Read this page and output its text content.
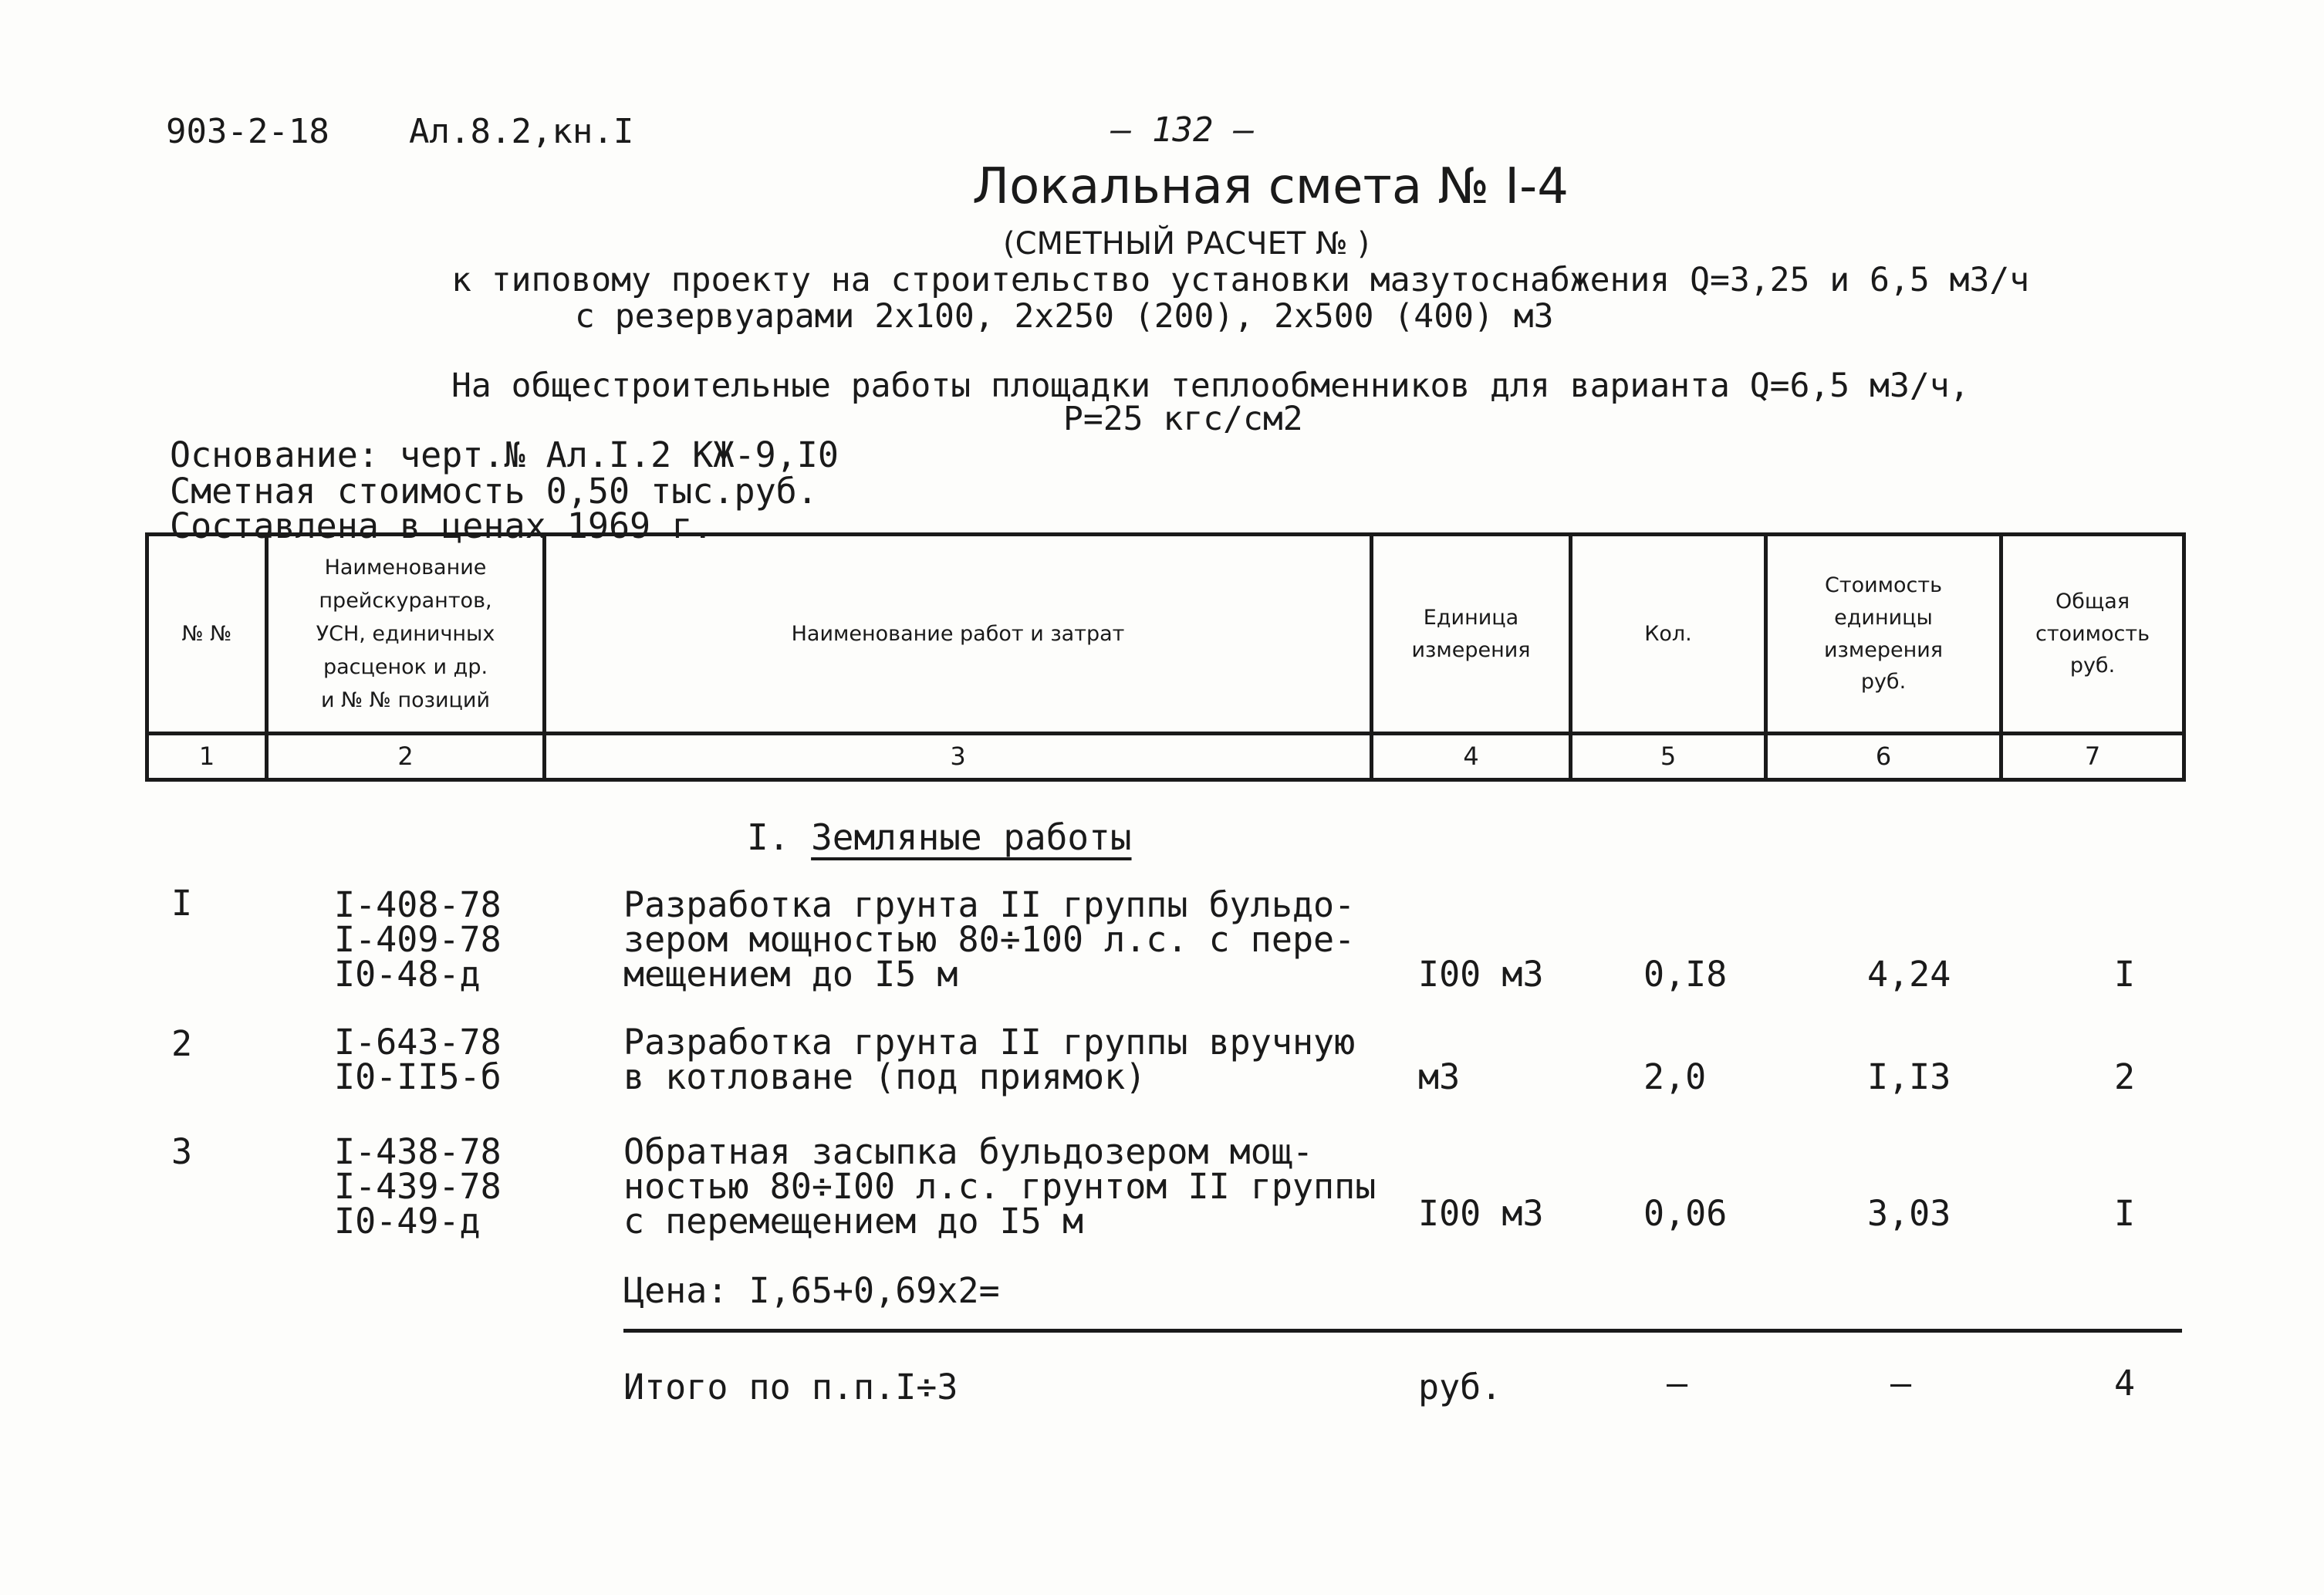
903-2-18 Ал.8.2,кн.I	— 132 —
Локальная смета № I-4
(СМЕТНЫЙ РАСЧЕТ № )
к типовому проекту на строительство установки мазутоснабжения Q=3,25 и 6,5 м3/ч
с резервуарами 2х100, 2х250 (200), 2х500 (400) м3
На общестроительные работы площадки теплообменников для варианта Q=6,5 м3/ч,
P=25 кгс/см2
Основание: черт.№ Ал.I.2 КЖ-9,I0
Сметная стоимость 0,50 тыс.руб.
Составлена в ценах 1969 г.
№ №	Наименование
прейскурантов,
УСН, единичных
расценок и др.
и № № позиций	Наименование работ и затрат	Единица
измерения	Кол.	Стоимость
единицы
измерения
руб.	Общая
стоимость
руб.
1	2	3	4	5	6	7
I. Земляные работы
I	I-408-78
I-409-78
I0-48-д
Разработка грунта II группы бульдо-
зером мощностью 80÷100 л.с. с пере-
мещением до I5 м	I00 м3	0,I8	4,24	I
2	I-643-78
I0-II5-б
Разработка грунта II группы вручную
в котловане (под приямок)	м3	2,0	I,I3	2
3	I-438-78
I-439-78
I0-49-д
Обратная засыпка бульдозером мощ-
ностью 80÷I00 л.с. грунтом II группы
с перемещением до I5 м	I00 м3	0,06	3,03	I
Цена: I,65+0,69х2=
Итого по п.п.I÷3	руб.	–	–	4
